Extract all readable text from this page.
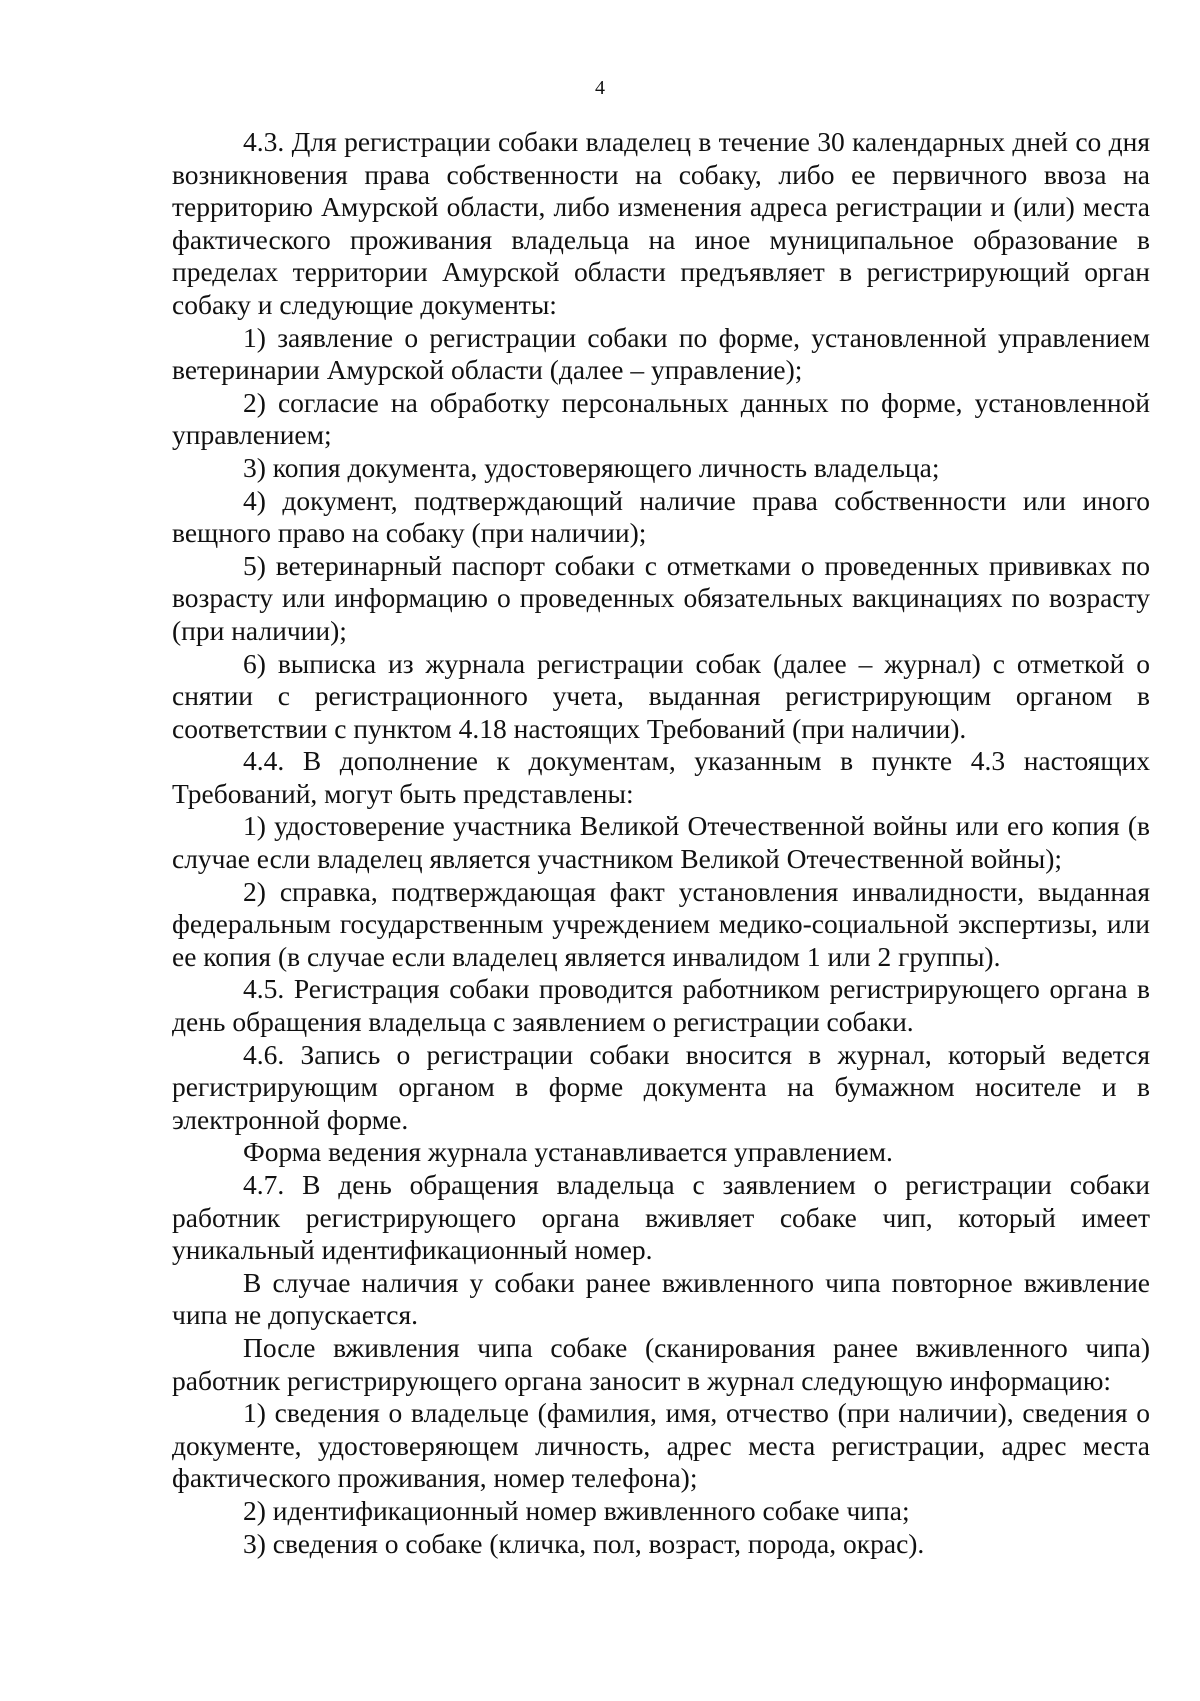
4

4.3. Для регистрации собаки владелец в течение 30 календарных дней со дня возникновения права собственности на собаку, либо ее первичного ввоза на территорию Амурской области, либо изменения адреса регистрации и (или) места фактического проживания владельца на иное муниципальное образование в пределах территории Амурской области предъявляет в регистрирующий орган собаку и следующие документы:

1) заявление о регистрации собаки по форме, установленной управлением ветеринарии Амурской области (далее – управление);

2) согласие на обработку персональных данных по форме, установленной управлением;

3) копия документа, удостоверяющего личность владельца;

4) документ, подтверждающий наличие права собственности или иного вещного право на собаку (при наличии);

5) ветеринарный паспорт собаки с отметками о проведенных прививках по возрасту или информацию о проведенных обязательных вакцинациях по возрасту (при наличии);

6) выписка из журнала регистрации собак (далее – журнал) с отметкой о снятии с регистрационного учета, выданная регистрирующим органом в соответствии с пунктом 4.18 настоящих Требований (при наличии).

4.4. В дополнение к документам, указанным в пункте 4.3 настоящих Требований, могут быть представлены:

1) удостоверение участника Великой Отечественной войны или его копия (в случае если владелец является участником Великой Отечественной войны);

2) справка, подтверждающая факт установления инвалидности, выданная федеральным государственным учреждением медико-социальной экспертизы, или ее копия (в случае если владелец является инвалидом 1 или 2 группы).

4.5. Регистрация собаки проводится работником регистрирующего органа в день обращения владельца с заявлением о регистрации собаки.

4.6. Запись о регистрации собаки вносится в журнал, который ведется регистрирующим органом в форме документа на бумажном носителе и в электронной форме.

Форма ведения журнала устанавливается управлением.

4.7. В день обращения владельца с заявлением о регистрации собаки работник регистрирующего органа вживляет собаке чип, который имеет уникальный идентификационный номер.

В случае наличия у собаки ранее вживленного чипа повторное вживление чипа не допускается.

После вживления чипа собаке (сканирования ранее вживленного чипа) работник регистрирующего органа заносит в журнал следующую информацию:

1) сведения о владельце (фамилия, имя, отчество (при наличии), сведения о документе, удостоверяющем личность, адрес места регистрации, адрес места фактического проживания, номер телефона);

2) идентификационный номер вживленного собаке чипа;

3) сведения о собаке (кличка, пол, возраст, порода, окрас).
